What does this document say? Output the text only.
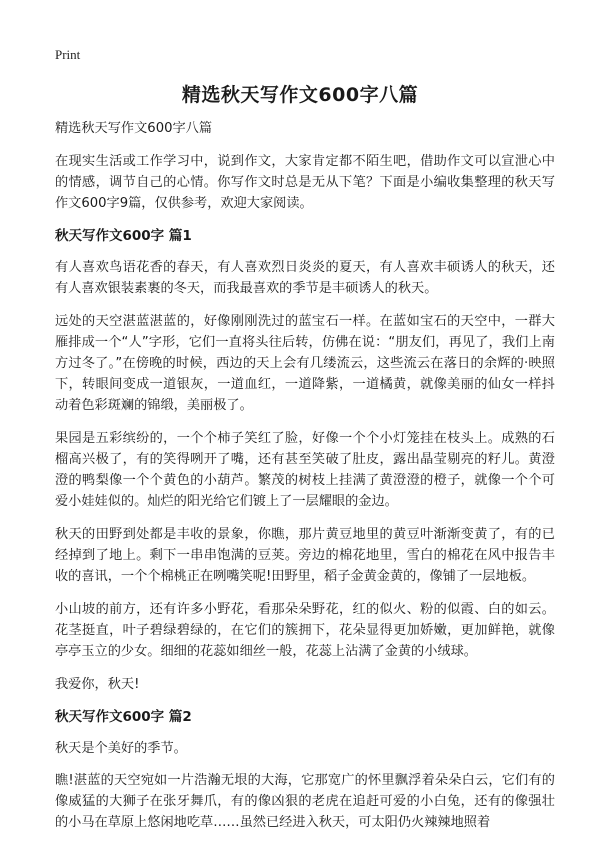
Print
精选秋天写作文600字八篇

精选秋天写作文600字八篇

在现实生活或工作学习中，说到作文，大家肯定都不陌生吧，借助作文可以宣泄心中的情感，调节自己的心情。你写作文时总是无从下笔？下面是小编收集整理的秋天写作文600字9篇，仅供参考，欢迎大家阅读。

秋天写作文600字 篇1

有人喜欢鸟语花香的春天，有人喜欢烈日炎炎的夏天，有人喜欢丰硕诱人的秋天，还有人喜欢银装素裹的冬天，而我最喜欢的季节是丰硕诱人的秋天。

远处的天空湛蓝湛蓝的，好像刚刚洗过的蓝宝石一样。在蓝如宝石的天空中，一群大雁排成一个“人”字形，它们一直将头往后转，仿佛在说：“朋友们，再见了，我们上南方过冬了。”在傍晚的时候，西边的天上会有几缕流云，这些流云在落日的余辉的·映照下，转眼间变成一道银灰，一道血红，一道降紫，一道橘黄，就像美丽的仙女一样抖动着色彩斑斓的锦缎，美丽极了。

果园是五彩缤纷的，一个个柿子笑红了脸，好像一个个小灯笼挂在枝头上。成熟的石榴高兴极了，有的笑得咧开了嘴，还有甚至笑破了肚皮，露出晶莹剔亮的籽儿。黄澄澄的鸭梨像一个个黄色的小葫芦。繁茂的树枝上挂满了黄澄澄的橙子，就像一个个可爱小娃娃似的。灿烂的阳光给它们镀上了一层耀眼的金边。

秋天的田野到处都是丰收的景象，你瞧，那片黄豆地里的黄豆叶渐渐变黄了，有的已经掉到了地上。剩下一串串饱满的豆荚。旁边的棉花地里，雪白的棉花在风中报告丰收的喜讯，一个个棉桃正在咧嘴笑呢!田野里，稻子金黄金黄的，像铺了一层地板。

小山坡的前方，还有许多小野花，看那朵朵野花，红的似火、粉的似霞、白的如云。花茎挺直，叶子碧绿碧绿的，在它们的簇拥下，花朵显得更加娇嫩，更加鲜艳，就像亭亭玉立的少女。细细的花蕊如细丝一般，花蕊上沾满了金黄的小绒球。

我爱你，秋天!

秋天写作文600字 篇2

秋天是个美好的季节。

瞧!湛蓝的天空宛如一片浩瀚无垠的大海，它那宽广的怀里飘浮着朵朵白云，它们有的像威猛的大狮子在张牙舞爪，有的像凶狠的老虎在追赶可爱的小白兔，还有的像强壮的小马在草原上悠闲地吃草……虽然已经进入秋天，可太阳仍火辣辣地照着
